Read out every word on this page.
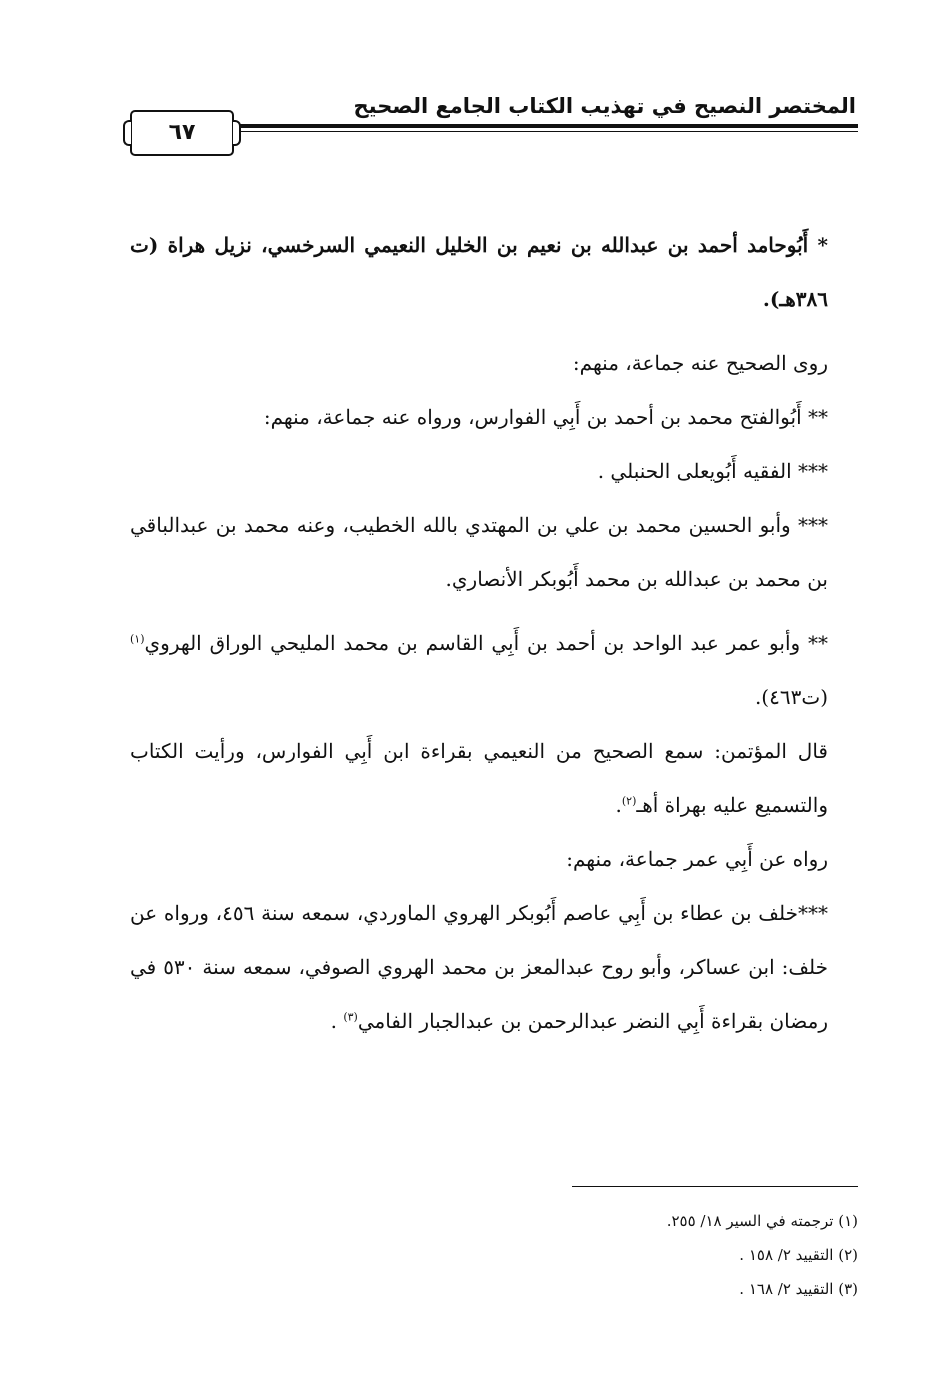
المختصر النصيح في تهذيب الكتاب الجامع الصحيح
٦٧

* أَبُوحامد أحمد بن عبدالله بن نعيم بن الخليل النعيمي السرخسي، نزيل هراة (ت ٣٨٦هـ).

روى الصحيح عنه جماعة، منهم:

** أَبُوالفتح محمد بن أحمد بن أَبِي الفوارس، ورواه عنه جماعة، منهم:

*** الفقيه أَبُويعلى الحنبلي .

*** وأبو الحسين محمد بن علي بن المهتدي بالله الخطيب، وعنه محمد بن عبدالباقي بن محمد بن عبدالله بن محمد أَبُوبكر الأنصاري.

** وأبو عمر عبد الواحد بن أحمد بن أَبِي القاسم بن محمد المليحي الوراق الهروي$^{(١)}$ (ت٤٦٣).

قال المؤتمن: سمع الصحيح من النعيمي بقراءة ابن أَبِي الفوارس، ورأيت الكتاب والتسميع عليه بهراة أهـ$^{(٢)}$.

رواه عن أَبِي عمر جماعة، منهم:

***خلف بن عطاء بن أَبِي عاصم أَبُوبكر الهروي الماوردي، سمعه سنة ٤٥٦، ورواه عن خلف: ابن عساكر، وأبو روح عبدالمعز بن محمد الهروي الصوفي، سمعه سنة ٥٣٠ في رمضان بقراءة أَبِي النضر عبدالرحمن بن عبدالجبار الفامي$^{(٣)}$ .

(١) ترجمته في السير ١٨/ ٢٥٥.
(٢) التقييد ٢/ ١٥٨ .
(٣) التقييد ٢/ ١٦٨ .
